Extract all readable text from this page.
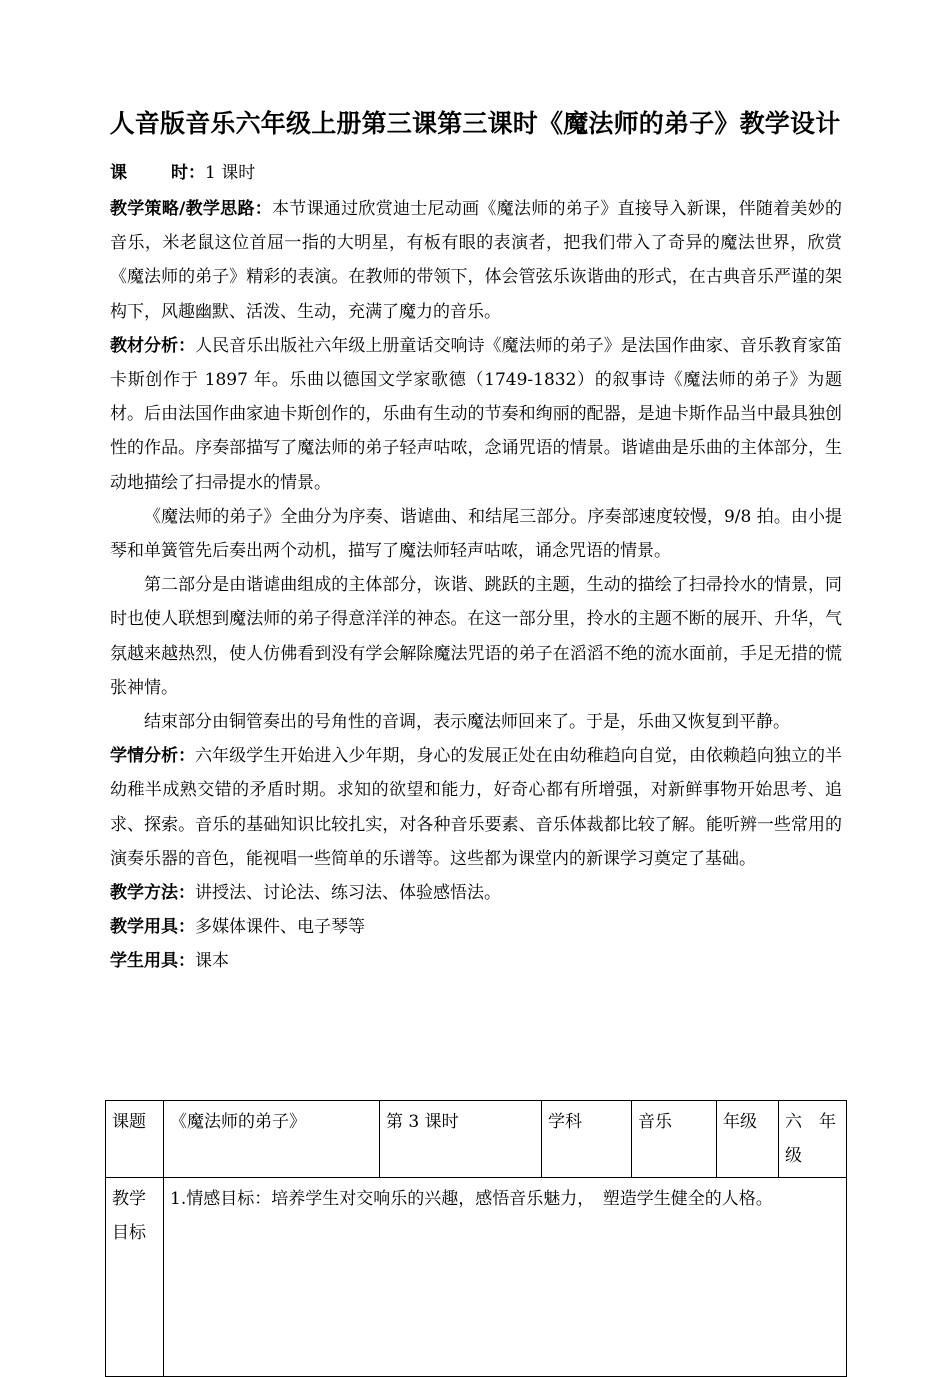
人音版音乐六年级上册第三课第三课时《魔法师的弟子》教学设计

课	时：1 课时

教学策略/教学思路：本节课通过欣赏迪士尼动画《魔法师的弟子》直接导入新课，伴随着美妙的音乐，米老鼠这位首屈一指的大明星，有板有眼的表演者，把我们带入了奇异的魔法世界，欣赏《魔法师的弟子》精彩的表演。在教师的带领下，体会管弦乐诙谐曲的形式，在古典音乐严谨的架构下，风趣幽默、活泼、生动，充满了魔力的音乐。

教材分析：人民音乐出版社六年级上册童话交响诗《魔法师的弟子》是法国作曲家、音乐教育家笛卡斯创作于 1897 年。乐曲以德国文学家歌德（1749-1832）的叙事诗《魔法师的弟子》为题材。后由法国作曲家迪卡斯创作的，乐曲有生动的节奏和绚丽的配器，是迪卡斯作品当中最具独创性的作品。序奏部描写了魔法师的弟子轻声咕哝，念诵咒语的情景。谐谑曲是乐曲的主体部分，生动地描绘了扫帚提水的情景。

《魔法师的弟子》全曲分为序奏、谐谑曲、和结尾三部分。序奏部速度较慢，9/8 拍。由小提琴和单簧管先后奏出两个动机，描写了魔法师轻声咕哝，诵念咒语的情景。

第二部分是由谐谑曲组成的主体部分，诙谐、跳跃的主题，生动的描绘了扫帚拎水的情景，同时也使人联想到魔法师的弟子得意洋洋的神态。在这一部分里，拎水的主题不断的展开、升华，气氛越来越热烈，使人仿佛看到没有学会解除魔法咒语的弟子在滔滔不绝的流水面前，手足无措的慌张神情。

结束部分由铜管奏出的号角性的音调，表示魔法师回来了。于是，乐曲又恢复到平静。

学情分析：六年级学生开始进入少年期，身心的发展正处在由幼稚趋向自觉，由依赖趋向独立的半幼稚半成熟交错的矛盾时期。求知的欲望和能力，好奇心都有所增强，对新鲜事物开始思考、追求、探索。音乐的基础知识比较扎实，对各种音乐要素、音乐体裁都比较了解。能听辨一些常用的演奏乐器的音色，能视唱一些简单的乐谱等。这些都为课堂内的新课学习奠定了基础。

教学方法：讲授法、讨论法、练习法、体验感悟法。

教学用具：多媒体课件、电子琴等

学生用具：课本

课题	《魔法师的弟子》	第 3 课时	学科	音乐	年级	六　年级
教学目标	1.情感目标：培养学生对交响乐的兴趣，感悟音乐魅力，　塑造学生健全的人格。					
